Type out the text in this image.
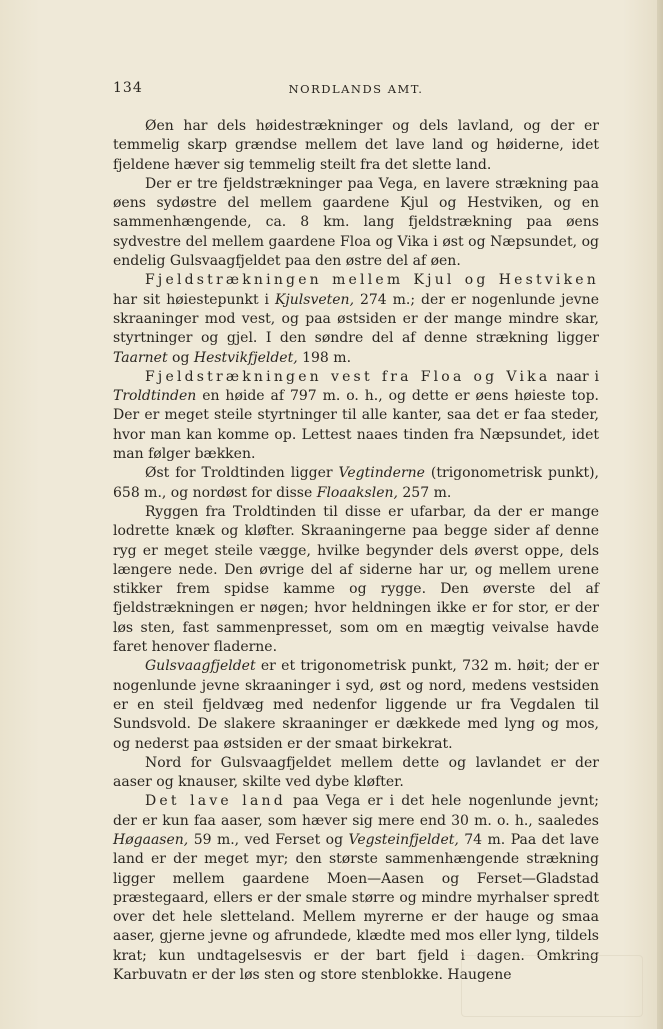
134	NORDLANDS AMT.

Øen har dels høidestrækninger og dels lavland, og der er temmelig skarp grændse mellem det lave land og høiderne, idet fjeldene hæver sig temmelig steilt fra det slette land.

Der er tre fjeldstrækninger paa Vega, en lavere strækning paa øens sydøstre del mellem gaardene Kjul og Hestviken, og en sammenhængende, ca. 8 km. lang fjeldstrækning paa øens sydvestre del mellem gaardene Floa og Vika i øst og Næpsundet, og endelig Gulsvaagfjeldet paa den østre del af øen.

Fjeldstrækningen mellem Kjul og Hestviken har sit høiestepunkt i Kjulsveten, 274 m.; der er nogenlunde jevne skraaninger mod vest, og paa østsiden er der mange mindre skar, styrtninger og gjel. I den søndre del af denne strækning ligger Taarnet og Hestvikfjeldet, 198 m.

Fjeldstrækningen vest fra Floa og Vika naar i Troldtinden en høide af 797 m. o. h., og dette er øens høieste top. Der er meget steile styrtninger til alle kanter, saa det er faa steder, hvor man kan komme op. Lettest naaes tinden fra Næpsundet, idet man følger bækken.

Øst for Troldtinden ligger Vegtinderne (trigonometrisk punkt), 658 m., og nordøst for disse Floaakslen, 257 m.

Ryggen fra Troldtinden til disse er ufarbar, da der er mange lodrette knæk og kløfter. Skraaningerne paa begge sider af denne ryg er meget steile vægge, hvilke begynder dels øverst oppe, dels længere nede. Den øvrige del af siderne har ur, og mellem urene stikker frem spidse kamme og rygge. Den øverste del af fjeldstrækningen er nøgen; hvor heldningen ikke er for stor, er der løs sten, fast sammenpresset, som om en mægtig veivalse havde faret henover fladerne.

Gulsvaagfjeldet er et trigonometrisk punkt, 732 m. høit; der er nogenlunde jevne skraaninger i syd, øst og nord, medens vestsiden er en steil fjeldvæg med nedenfor liggende ur fra Vegdalen til Sundsvold. De slakere skraaninger er dækkede med lyng og mos, og nederst paa østsiden er der smaat birkekrat.

Nord for Gulsvaagfjeldet mellem dette og lavlandet er der aaser og knauser, skilte ved dybe kløfter.

Det lave land paa Vega er i det hele nogenlunde jevnt; der er kun faa aaser, som hæver sig mere end 30 m. o. h., saaledes Høgaasen, 59 m., ved Ferset og Vegsteinfjeldet, 74 m. Paa det lave land er der meget myr; den største sammenhængende strækning ligger mellem gaardene Moen—Aasen og Ferset—Gladstad præstegaard, ellers er der smale større og mindre myrhalser spredt over det hele sletteland. Mellem myrerne er der hauge og smaa aaser, gjerne jevne og afrundede, klædte med mos eller lyng, tildels krat; kun undtagelsesvis er der bart fjeld i dagen. Omkring Karbuvatn er der løs sten og store stenblokke. Haugene
